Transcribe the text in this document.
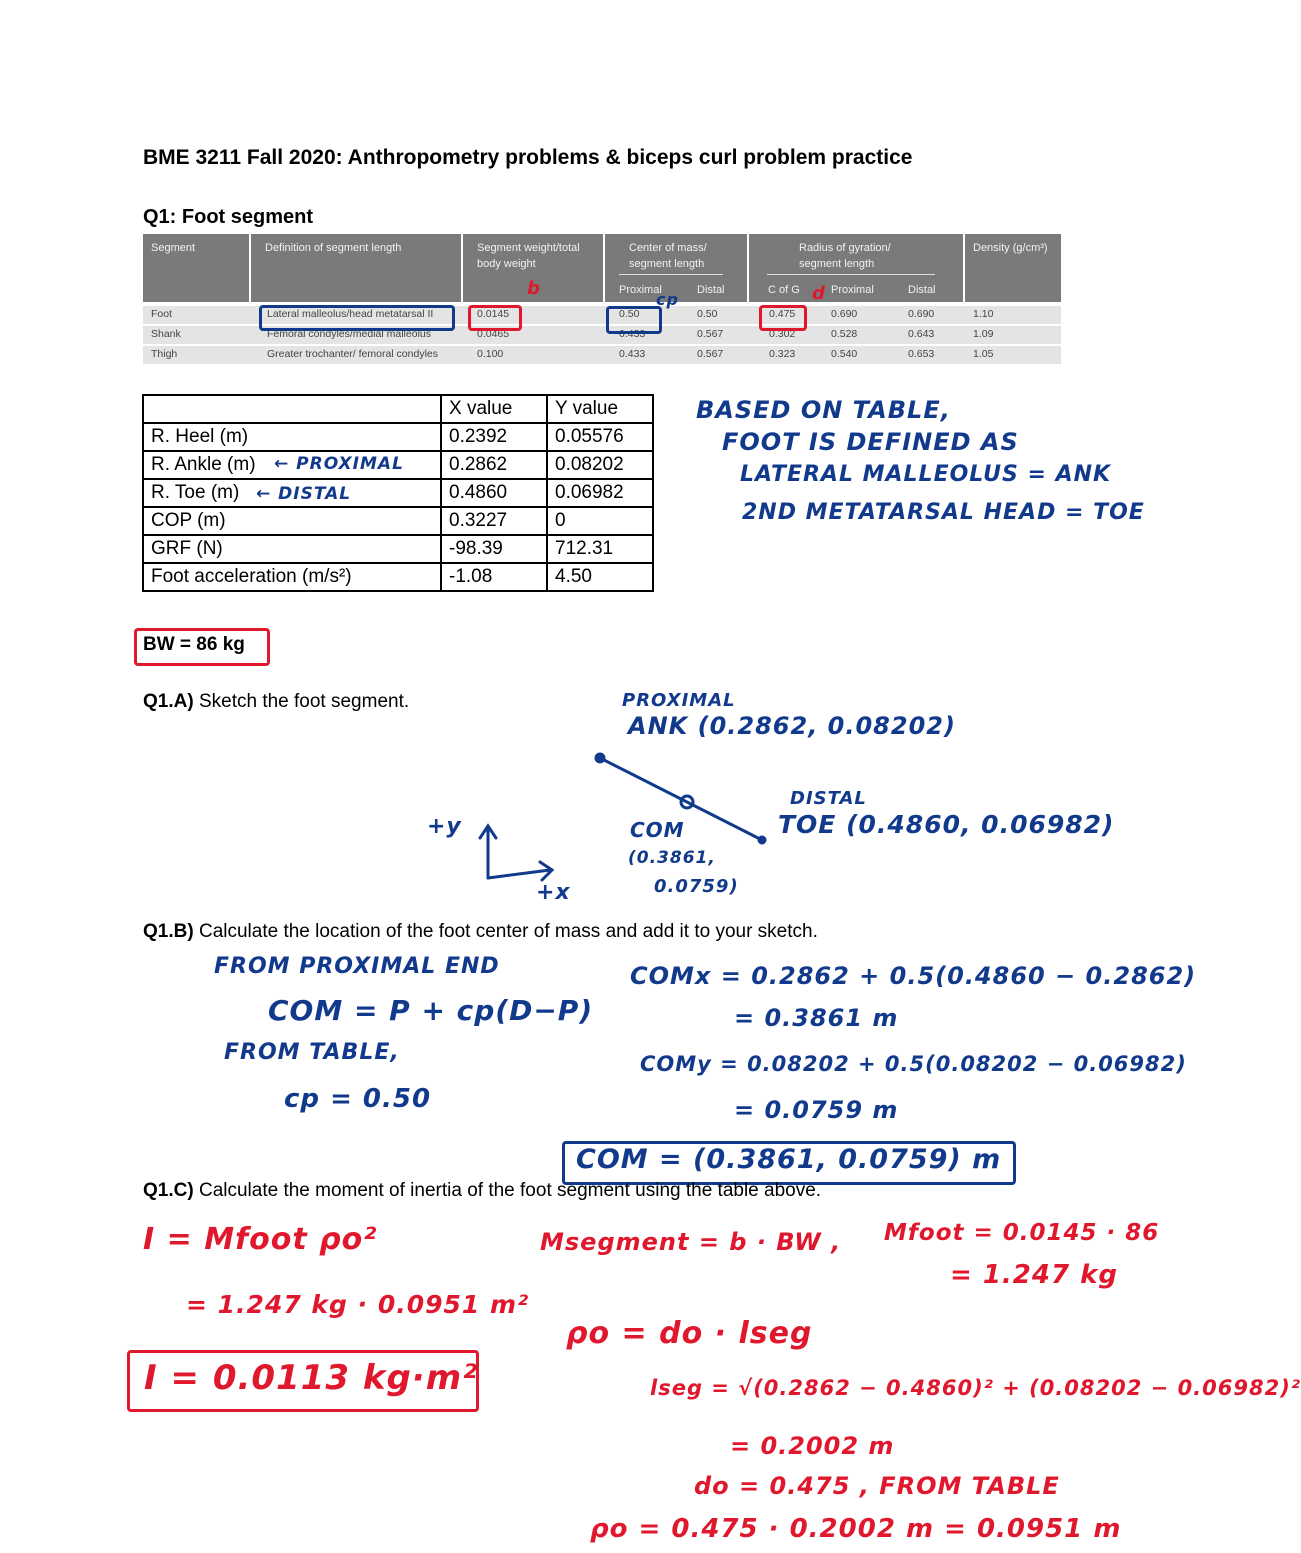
BME 3211 Fall 2020: Anthropometry problems & biceps curl problem practice
Q1: Foot segment
Segment	Definition of segment length	Segment weight/total
body weight
Center of mass/
segment length
Proximal	Distal
Radius of gyration/
segment length
C of G	Proximal	Distal
Density (g/cm³)
Foot	Lateral malleolus/head metatarsal II	0.0145	0.50	0.50	0.475	0.690	0.690	1.10
Shank	Femoral condyles/medial malleolus	0.0465	0.433	0.567	0.302	0.528	0.643	1.09
Thigh	Greater trochanter/ femoral condyles	0.100	0.433	0.567	0.323	0.540	0.653	1.05
b
cp	d
	X value	Y value
R. Heel (m)	0.2392	0.05576
R. Ankle (m) ← PROXIMAL	0.2862	0.08202
R. Toe (m) ← DISTAL	0.4860	0.06982
COP (m)	0.3227	0
GRF (N)	-98.39	712.31
Foot acceleration (m/s²)	-1.08	4.50
BASED ON TABLE,
FOOT IS DEFINED AS
LATERAL MALLEOLUS = ANK
2ND METATARSAL HEAD = TOE
BW = 86 kg
Q1.A) Sketch the foot segment.	PROXIMAL
ANK (0.2862, 0.08202)
DISTAL
TOE (0.4860, 0.06982)
COM
(0.3861,
0.0759)
+y
+x
Q1.B) Calculate the location of the foot center of mass and add it to your sketch.
FROM PROXIMAL END
COM = P + cp(D−P)
FROM TABLE,
cp = 0.50
COMx = 0.2862 + 0.5(0.4860 − 0.2862)
= 0.3861 m
COMy = 0.08202 + 0.5(0.08202 − 0.06982)
= 0.0759 m
COM = (0.3861, 0.0759) m
Q1.C) Calculate the moment of inertia of the foot segment using the table above.
I = Mfoot ρo²
= 1.247 kg · 0.0951 m²
I = 0.0113 kg·m²
Msegment = b · BW , Mfoot = 0.0145 · 86
= 1.247 kg
ρo = do · lseg
lseg = √(0.2862 − 0.4860)² + (0.08202 − 0.06982)²
= 0.2002 m
do = 0.475 , FROM TABLE
ρo = 0.475 · 0.2002 m = 0.0951 m
